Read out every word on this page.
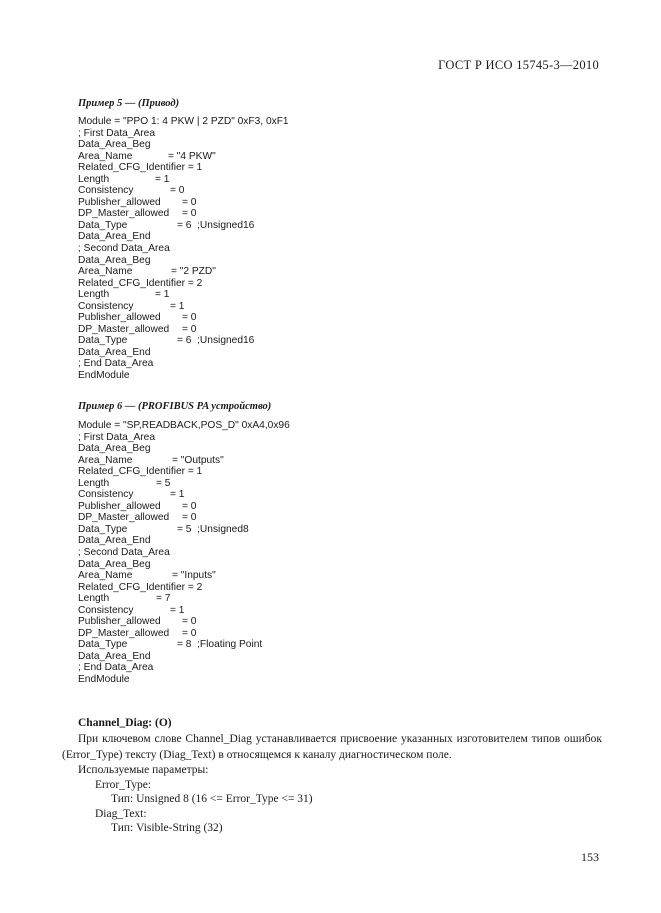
ГОСТ Р ИСО 15745-3—2010
Пример 5 — (Привод)
Module = "PPO 1: 4 PKW | 2 PZD" 0xF3, 0xF1
; First Data_Area
Data_Area_Beg
Area_Name	= "4 PKW"
Related_CFG_Identifier = 1
Length	= 1
Consistency	= 0
Publisher_allowed = 0
DP_Master_allowed = 0
Data_Type	= 6  ;Unsigned16
Data_Area_End
; Second Data_Area
Data_Area_Beg
Area_Name	= "2 PZD"
Related_CFG_Identifier = 2
Length	= 1
Consistency	= 1
Publisher_allowed = 0
DP_Master_allowed = 0
Data_Type	= 6  ;Unsigned16
Data_Area_End
; End Data_Area
EndModule
Пример 6 — (PROFIBUS PA устройство)
Module = "SP,READBACK,POS_D" 0xA4,0x96
; First Data_Area
Data_Area_Beg
Area_Name	= "Outputs"
Related_CFG_Identifier = 1
Length	= 5
Consistency	= 1
Publisher_allowed = 0
DP_Master_allowed = 0
Data_Type	= 5  ;Unsigned8
Data_Area_End
; Second Data_Area
Data_Area_Beg
Area_Name	= "Inputs"
Related_CFG_Identifier = 2
Length	= 7
Consistency	= 1
Publisher_allowed = 0
DP_Master_allowed = 0
Data_Type	= 8  ;Floating Point
Data_Area_End
; End Data_Area
EndModule
Channel_Diag: (O)
При ключевом слове Channel_Diag устанавливается присвоение указанных изготовителем типов ошибок (Error_Type) тексту (Diag_Text) в относящемся к каналу диагностическом поле.
Используемые параметры:
Error_Type:
Тип: Unsigned 8 (16 <= Error_Type <= 31)
Diag_Text:
Тип: Visible-String (32)
153
